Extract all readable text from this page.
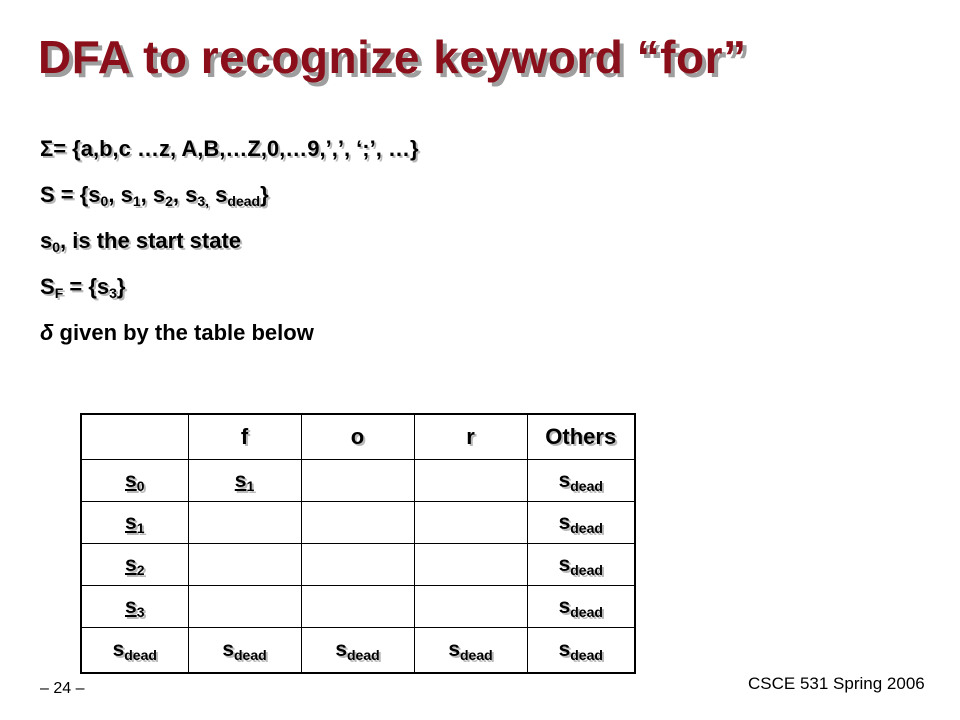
DFA to recognize keyword “for”

Σ= {a,b,c …z, A,B,…Z,0,…9,’,’, ‘;’, …}

$S = \{s_0$, $s_1$, $s_2$, $s_{3,}$ $s_{dead}$}

$s_0$, is the start state

$S_F = \{s_3\}$

δ given by the table below

	f	o	r	Others
$s_0$	$s_1$			$s_{dead}$
$s_1$				$s_{dead}$
$s_2$				$s_{dead}$
$s_3$				$s_{dead}$
$s_{dead}$	$s_{dead}$	$s_{dead}$	$s_{dead}$	$s_{dead}$
– 24 –	CSCE 531 Spring 2006
